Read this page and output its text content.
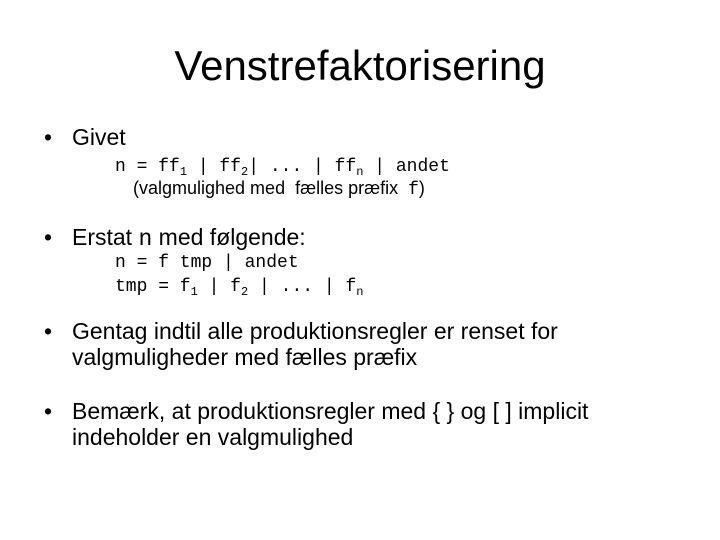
Venstrefaktorisering
• Givet
$n = ff_1$ | $ff_2|$ ... | $ff_n$ | andet
(valgmulighed med  fælles præfix  f)
• Erstat n med følgende:
n = f tmp | andet
tmp = $f_1$ | $f_2$ | ... | $f_n$
• Gentag indtil alle produktionsregler er renset for
valgmuligheder med fælles præfix
• Bemærk, at produktionsregler med { } og [ ] implicit
indeholder en valgmulighed
